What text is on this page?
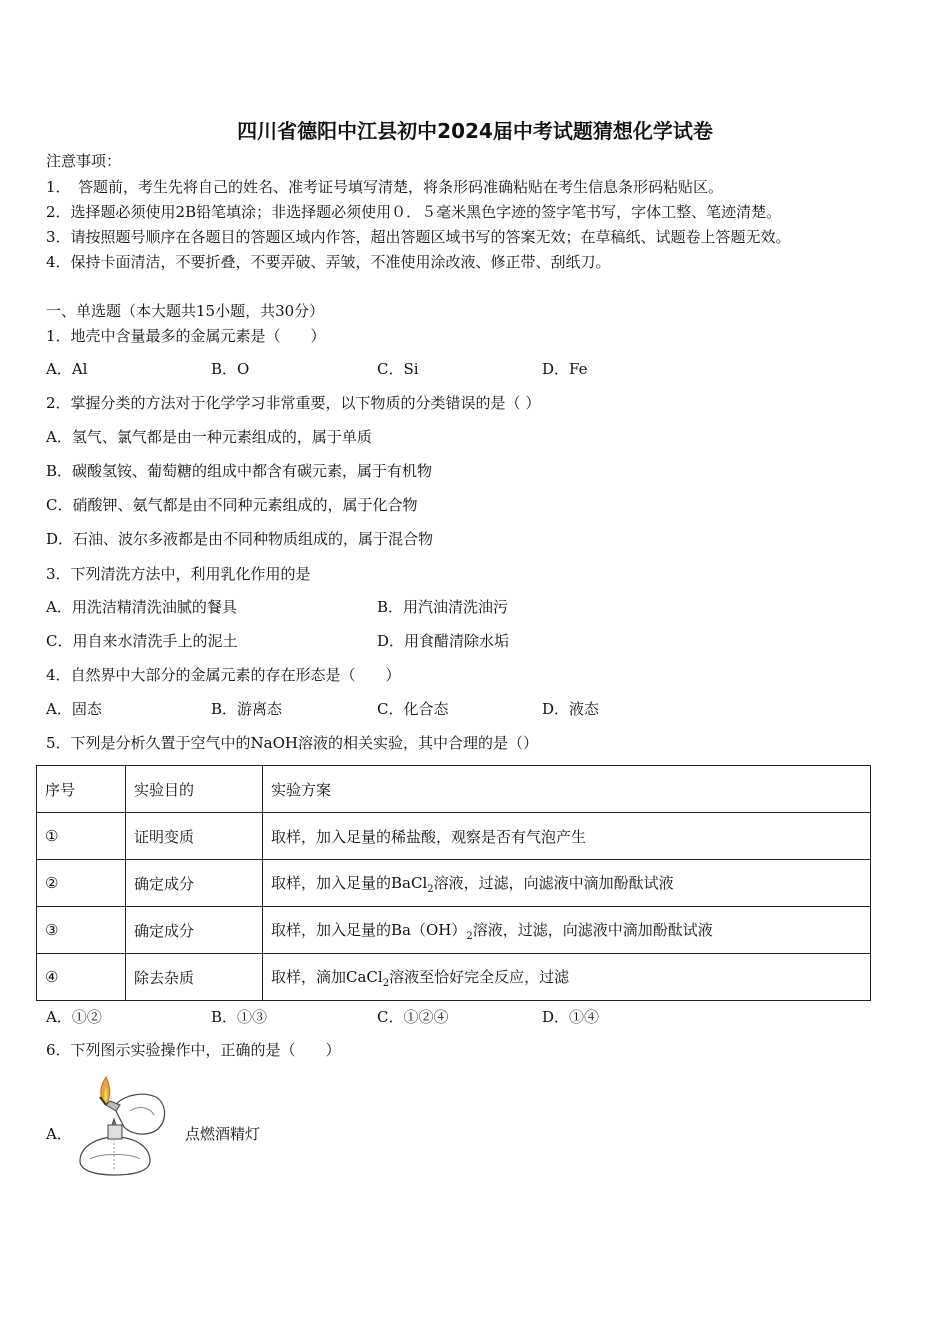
四川省德阳中江县初中2024届中考试题猜想化学试卷
注意事项：
1．　答题前，考生先将自己的姓名、准考证号填写清楚，将条形码准确粘贴在考生信息条形码粘贴区。
2．选择题必须使用2B铅笔填涂；非选择题必须使用０．５毫米黑色字迹的签字笔书写，字体工整、笔迹清楚。
3．请按照题号顺序在各题目的答题区域内作答，超出答题区域书写的答案无效；在草稿纸、试题卷上答题无效。
4．保持卡面清洁，不要折叠，不要弄破、弄皱，不准使用涂改液、修正带、刮纸刀。
一、单选题（本大题共15小题，共30分）
1．地壳中含量最多的金属元素是（　　）
A．Al	B．O	C．Si	D．Fe
2．掌握分类的方法对于化学学习非常重要，以下物质的分类错误的是（ ）
A．氢气、氯气都是由一种元素组成的，属于单质
B．碳酸氢铵、葡萄糖的组成中都含有碳元素，属于有机物
C．硝酸钾、氨气都是由不同种元素组成的，属于化合物
D．石油、波尔多液都是由不同种物质组成的，属于混合物
3．下列清洗方法中，利用乳化作用的是
A．用洗洁精清洗油腻的餐具	B．用汽油清洗油污
C．用自来水清洗手上的泥土	D．用食醋清除水垢
4．自然界中大部分的金属元素的存在形态是（　　）
A．固态	B．游离态	C．化合态	D．液态
5．下列是分析久置于空气中的NaOH溶液的相关实验，其中合理的是（）
序号	实验目的	实验方案
①	证明变质	取样，加入足量的稀盐酸，观察是否有气泡产生
②	确定成分	取样，加入足量的BaCl$_2$溶液，过滤，向滤液中滴加酚酞试液
③	确定成分	取样，加入足量的$Ba(OH)_2$溶液，过滤，向滤液中滴加酚酞试液
④	除去杂质	取样，滴加CaCl$_2$溶液至恰好完全反应，过滤
A．①②	B．①③	C．①②④	D．①④
6．下列图示实验操作中，正确的是（　　）
A．	点燃酒精灯
